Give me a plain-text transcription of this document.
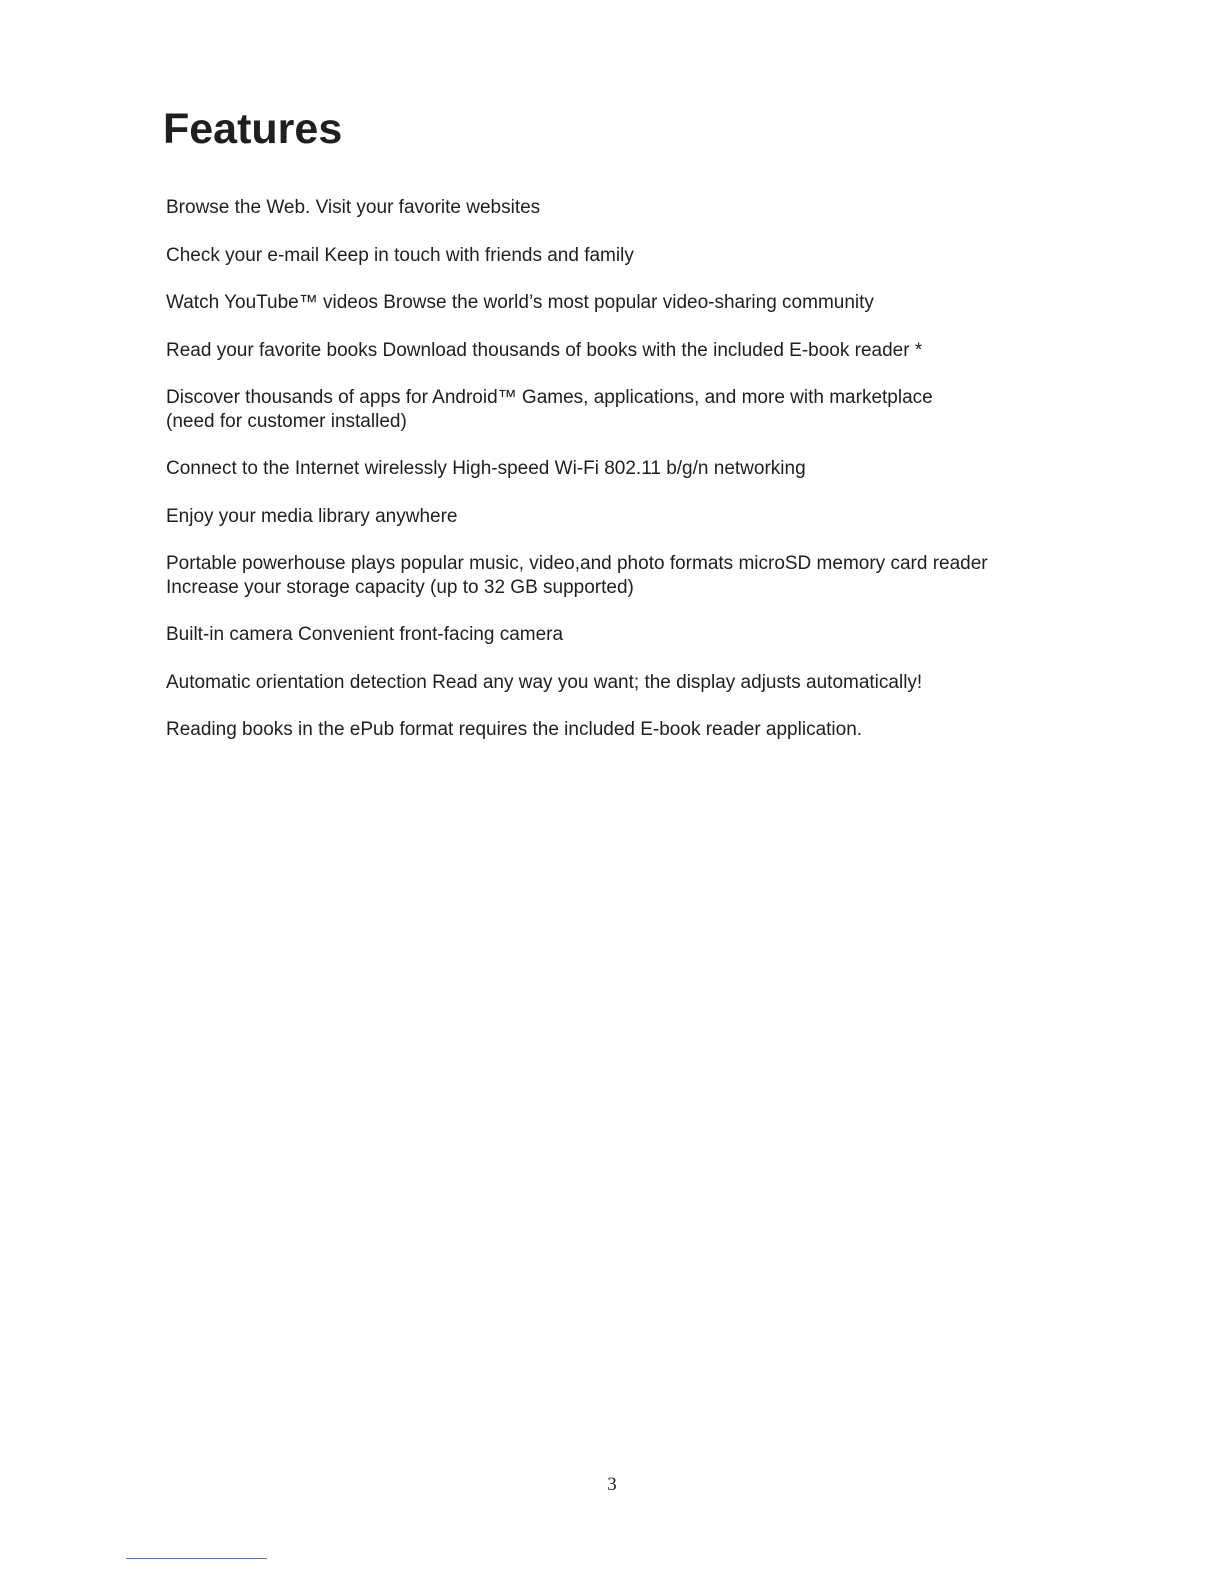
Features
Browse the Web. Visit your favorite websites
Check your e-mail Keep in touch with friends and family
Watch YouTube™ videos Browse the world’s most popular video-sharing community
Read your favorite books Download thousands of books with the included E-book reader *
Discover thousands of apps for Android™ Games, applications, and more with marketplace
(need for customer installed)
Connect to the Internet wirelessly High-speed Wi-Fi 802.11 b/g/n networking
Enjoy your media library anywhere
Portable powerhouse plays popular music, video,and photo formats microSD memory card reader
Increase your storage capacity (up to 32 GB supported)
Built-in camera Convenient front-facing camera
Automatic orientation detection Read any way you want; the display adjusts automatically!
Reading books in the ePub format requires the included E-book reader application.
3
